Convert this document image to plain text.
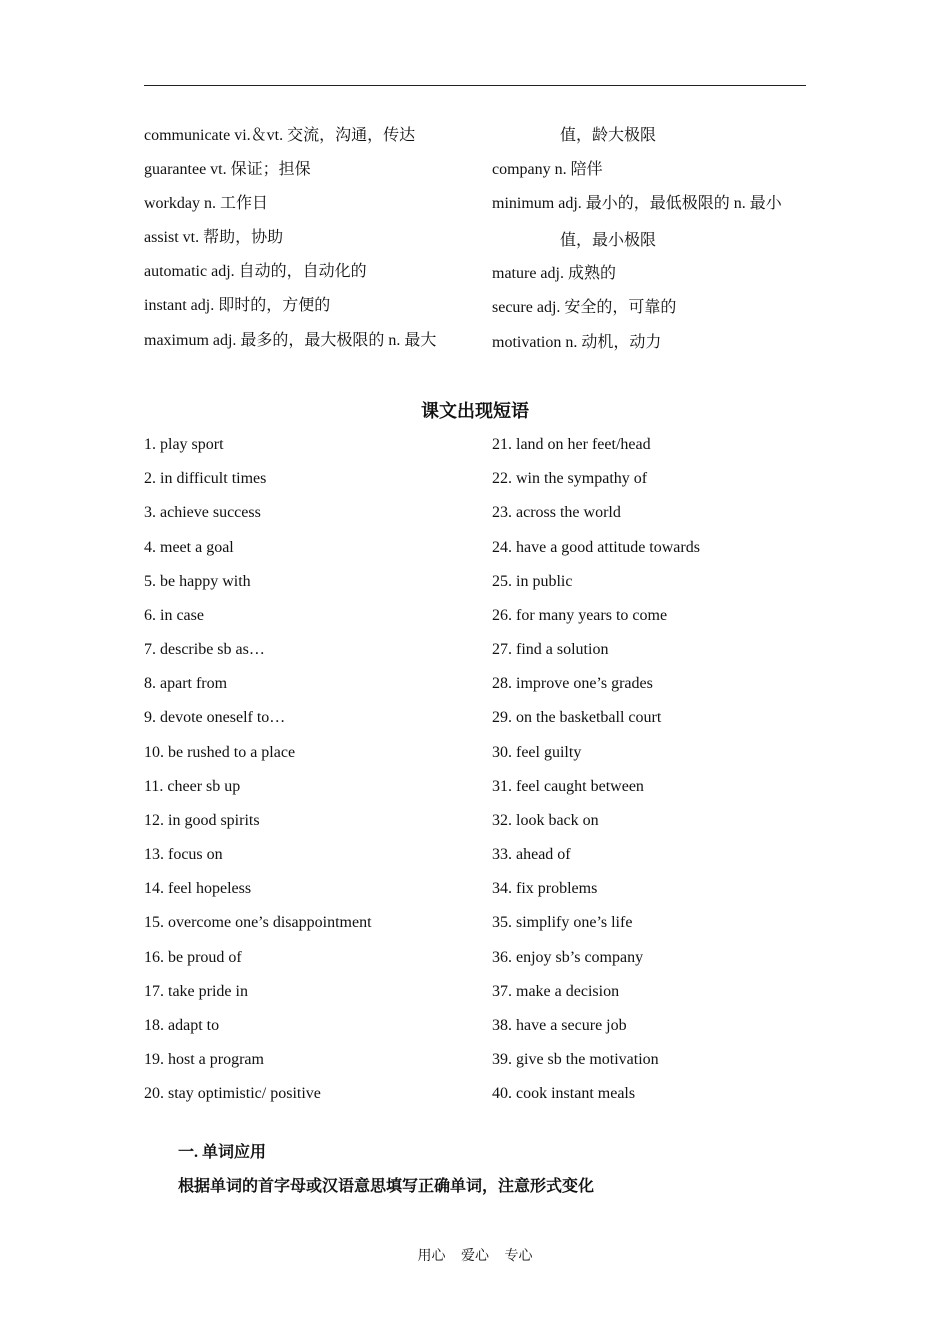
communicate vi.＆vt. 交流，沟通，传达
guarantee vt. 保证；担保
workday n. 工作日
assist vt. 帮助，协助
automatic adj. 自动的，自动化的
instant adj. 即时的，方便的
maximum adj. 最多的，最大极限的 n. 最大
值，龄大极限
company n. 陪伴
minimum adj. 最小的，最低极限的 n. 最小
值，最小极限
mature adj. 成熟的
secure adj. 安全的，可靠的
motivation n. 动机，动力
课文出现短语
1. play sport
2. in difficult times
3. achieve success
4. meet a goal
5. be happy with
6. in case
7. describe sb as…
8. apart from
9. devote oneself to…
10. be rushed to a place
11. cheer sb up
12. in good spirits
13. focus on
14. feel hopeless
15. overcome one’s disappointment
16. be proud of
17. take pride in
18. adapt to
19. host a program
20. stay optimistic/ positive
21. land on her feet/head
22. win the sympathy of
23. across the world
24. have a good attitude towards
25. in public
26. for many years to come
27. find a solution
28. improve one’s grades
29. on the basketball court
30. feel guilty
31. feel caught between
32. look back on
33. ahead of
34. fix problems
35. simplify one’s life
36. enjoy sb’s company
37. make a decision
38. have a secure job
39. give sb the motivation
40. cook instant meals
一. 单词应用
根据单词的首字母或汉语意思填写正确单词，注意形式变化
用心 爱心 专心
